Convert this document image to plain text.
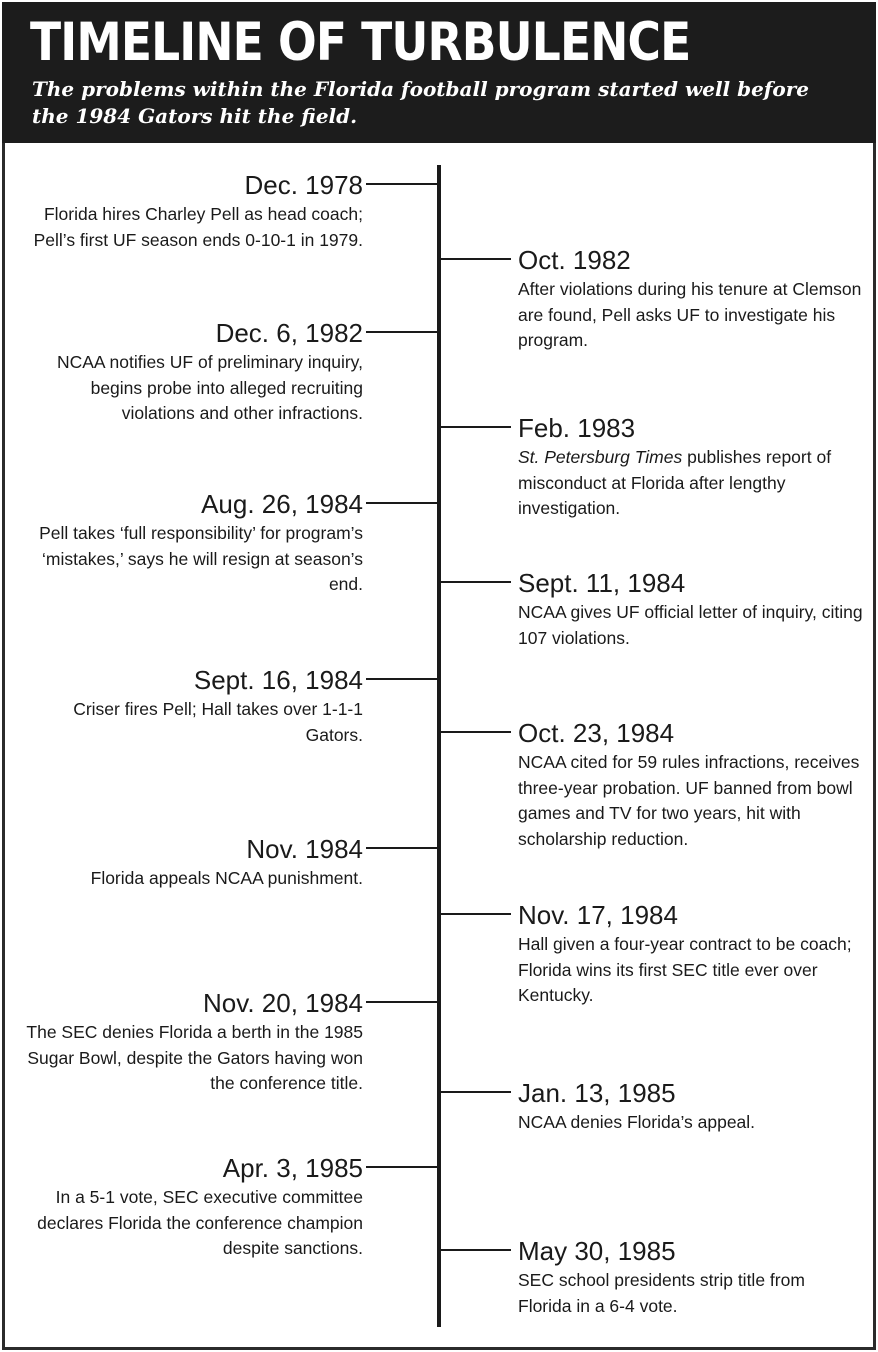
TIMELINE OF TURBULENCE

The problems within the Florida football program started well before the 1984 Gators hit the field.

Dec. 1978

Florida hires Charley Pell as head coach; Pell’s first UF season ends 0-10-1 in 1979.

Oct. 1982

After violations during his tenure at Clemson are found, Pell asks UF to investigate his program.

Dec. 6, 1982

NCAA notifies UF of preliminary inquiry, begins probe into alleged recruiting violations and other infractions.	Feb. 1983

St. Petersburg Times publishes report of misconduct at Florida after lengthy investigation.

Aug. 26, 1984

Pell takes ‘full responsibility’ for program’s ‘mistakes,’ says he will resign at season’s end.	Sept. 11, 1984

NCAA gives UF official letter of inquiry, citing 107 violations.

Sept. 16, 1984

Criser fires Pell; Hall takes over 1-1-1 Gators.	Oct. 23, 1984

NCAA cited for 59 rules infractions, receives three-year probation. UF banned from bowl games and TV for two years, hit with scholarship reduction.

Nov. 1984

Florida appeals NCAA punishment.

Nov. 17, 1984

Hall given a four-year contract to be coach; Florida wins its first SEC title ever over Kentucky.

Nov. 20, 1984

The SEC denies Florida a berth in the 1985 Sugar Bowl, despite the Gators having won the conference title.	Jan. 13, 1985

NCAA denies Florida’s appeal.

Apr. 3, 1985

In a 5-1 vote, SEC executive committee declares Florida the conference champion despite sanctions.	May 30, 1985

SEC school presidents strip title from Florida in a 6-4 vote.
